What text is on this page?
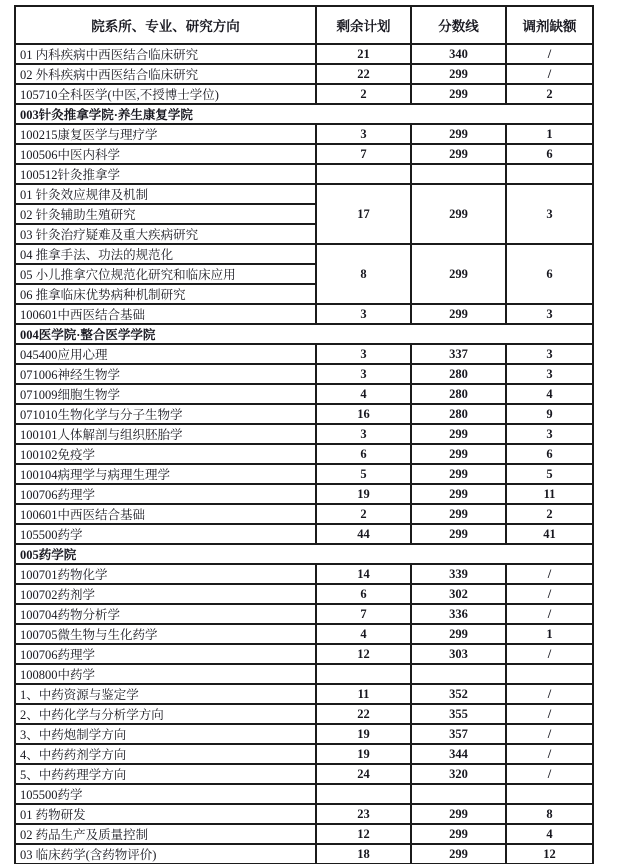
院系所、专业、研究方向	剩余计划	分数线	调剂缺额
01 内科疾病中西医结合临床研究	21	340	/
02 外科疾病中西医结合临床研究	22	299	/
105710全科医学(中医,不授博士学位)	2	299	2
003针灸推拿学院·养生康复学院			
100215康复医学与理疗学	3	299	1
100506中医内科学	7	299	6
100512针灸推拿学			
01 针灸效应规律及机制	17	299	3
02 针灸辅助生殖研究			
03 针灸治疗疑难及重大疾病研究			
04 推拿手法、功法的规范化	8	299	6
05 小儿推拿穴位规范化研究和临床应用			
06 推拿临床优势病种机制研究			
100601中西医结合基础	3	299	3
004医学院·整合医学学院			
045400应用心理	3	337	3
071006神经生物学	3	280	3
071009细胞生物学	4	280	4
071010生物化学与分子生物学	16	280	9
100101人体解剖与组织胚胎学	3	299	3
100102免疫学	6	299	6
100104病理学与病理生理学	5	299	5
100706药理学	19	299	11
100601中西医结合基础	2	299	2
105500药学	44	299	41
005药学院			
100701药物化学	14	339	/
100702药剂学	6	302	/
100704药物分析学	7	336	/
100705微生物与生化药学	4	299	1
100706药理学	12	303	/
100800中药学			
1、中药资源与鉴定学	11	352	/
2、中药化学与分析学方向	22	355	/
3、中药炮制学方向	19	357	/
4、中药药剂学方向	19	344	/
5、中药药理学方向	24	320	/
105500药学			
01 药物研发	23	299	8
02 药品生产及质量控制	12	299	4
03 临床药学(含药物评价)	18	299	12
